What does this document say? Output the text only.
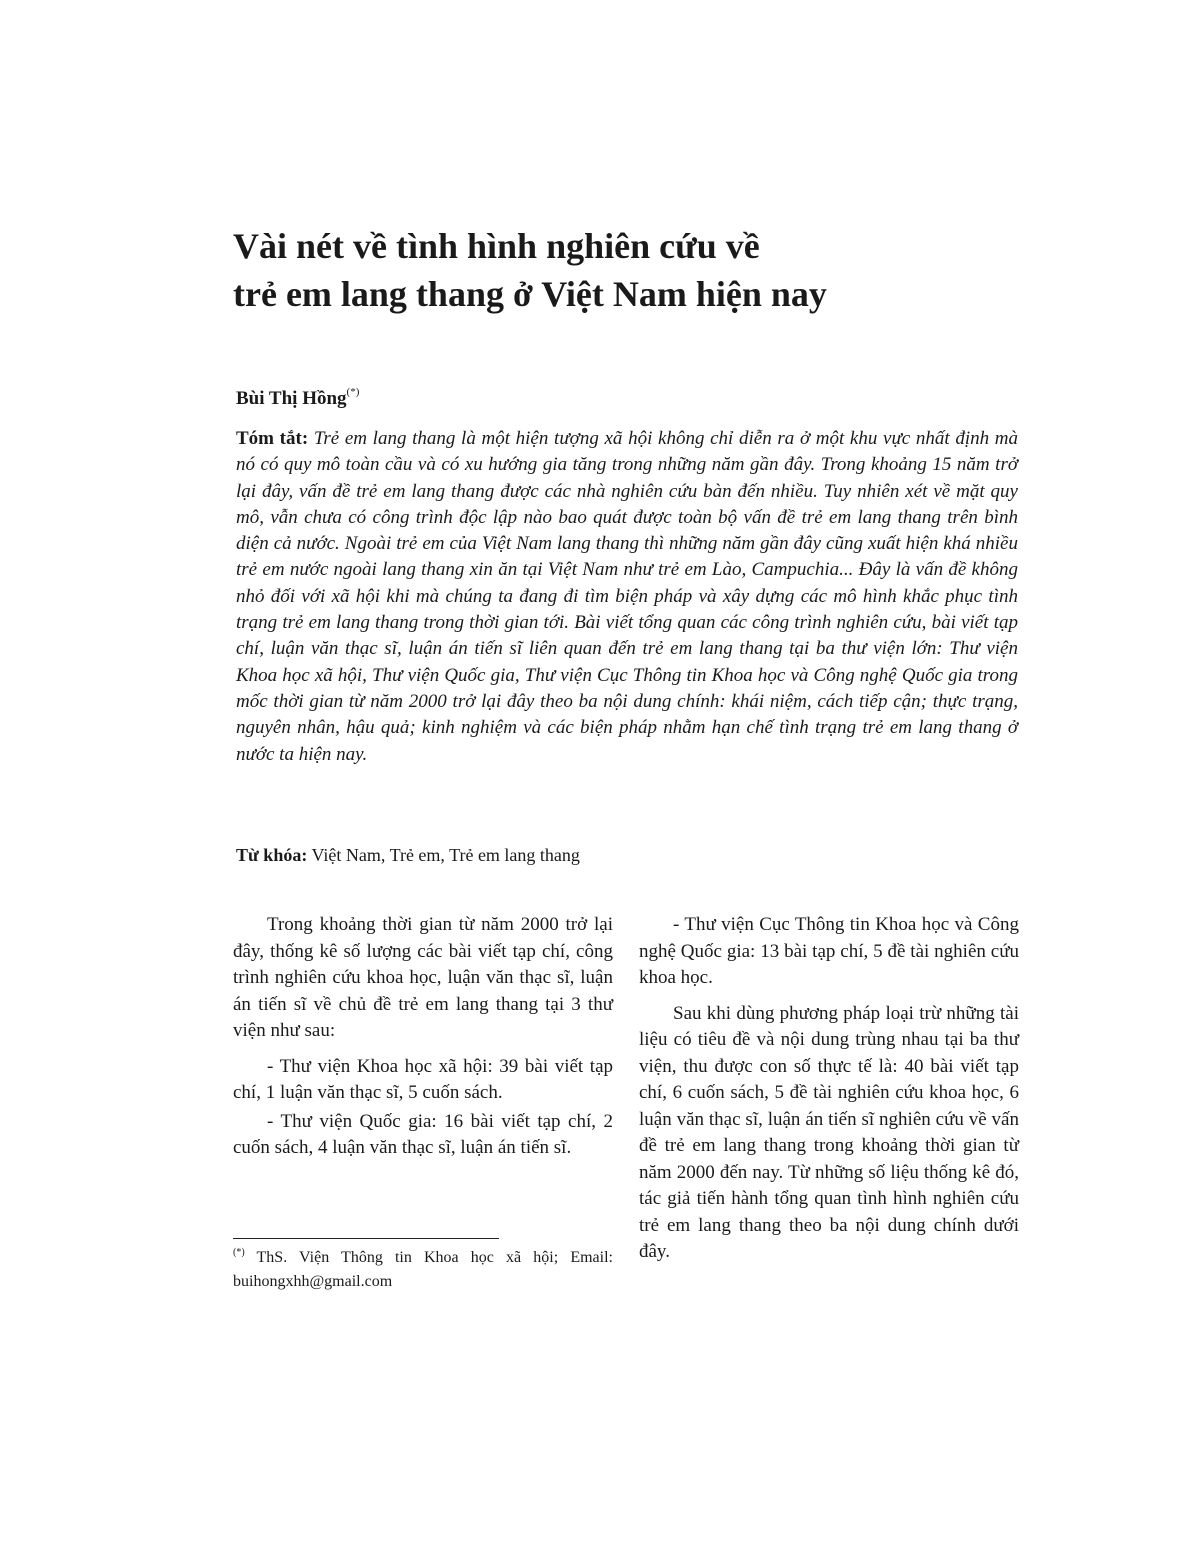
Vài nét về tình hình nghiên cứu về
trẻ em lang thang ở Việt Nam hiện nay
Bùi Thị Hồng(*)

Tóm tắt: Trẻ em lang thang là một hiện tượng xã hội không chỉ diễn ra ở một khu vực nhất định mà nó có quy mô toàn cầu và có xu hướng gia tăng trong những năm gần đây. Trong khoảng 15 năm trở lại đây, vấn đề trẻ em lang thang được các nhà nghiên cứu bàn đến nhiều. Tuy nhiên xét về mặt quy mô, vẫn chưa có công trình độc lập nào bao quát được toàn bộ vấn đề trẻ em lang thang trên bình diện cả nước. Ngoài trẻ em của Việt Nam lang thang thì những năm gần đây cũng xuất hiện khá nhiều trẻ em nước ngoài lang thang xin ăn tại Việt Nam như trẻ em Lào, Campuchia... Đây là vấn đề không nhỏ đối với xã hội khi mà chúng ta đang đi tìm biện pháp và xây dựng các mô hình khắc phục tình trạng trẻ em lang thang trong thời gian tới. Bài viết tổng quan các công trình nghiên cứu, bài viết tạp chí, luận văn thạc sĩ, luận án tiến sĩ liên quan đến trẻ em lang thang tại ba thư viện lớn: Thư viện Khoa học xã hội, Thư viện Quốc gia, Thư viện Cục Thông tin Khoa học và Công nghệ Quốc gia trong mốc thời gian từ năm 2000 trở lại đây theo ba nội dung chính: khái niệm, cách tiếp cận; thực trạng, nguyên nhân, hậu quả; kinh nghiệm và các biện pháp nhằm hạn chế tình trạng trẻ em lang thang ở nước ta hiện nay.

Từ khóa: Việt Nam, Trẻ em, Trẻ em lang thang

Trong khoảng thời gian từ năm 2000 trở lại đây, thống kê số lượng các bài viết tạp chí, công trình nghiên cứu khoa học, luận văn thạc sĩ, luận án tiến sĩ về chủ đề trẻ em lang thang tại 3 thư viện như sau:

- Thư viện Khoa học xã hội: 39 bài viết tạp chí, 1 luận văn thạc sĩ, 5 cuốn sách.

- Thư viện Quốc gia: 16 bài viết tạp chí, 2 cuốn sách, 4 luận văn thạc sĩ, luận án tiến sĩ.

(*) ThS. Viện Thông tin Khoa học xã hội; Email: buihongxhh@gmail.com

- Thư viện Cục Thông tin Khoa học và Công nghệ Quốc gia: 13 bài tạp chí, 5 đề tài nghiên cứu khoa học.

Sau khi dùng phương pháp loại trừ những tài liệu có tiêu đề và nội dung trùng nhau tại ba thư viện, thu được con số thực tế là: 40 bài viết tạp chí, 6 cuốn sách, 5 đề tài nghiên cứu khoa học, 6 luận văn thạc sĩ, luận án tiến sĩ nghiên cứu về vấn đề trẻ em lang thang trong khoảng thời gian từ năm 2000 đến nay. Từ những số liệu thống kê đó, tác giả tiến hành tổng quan tình hình nghiên cứu trẻ em lang thang theo ba nội dung chính dưới đây.
